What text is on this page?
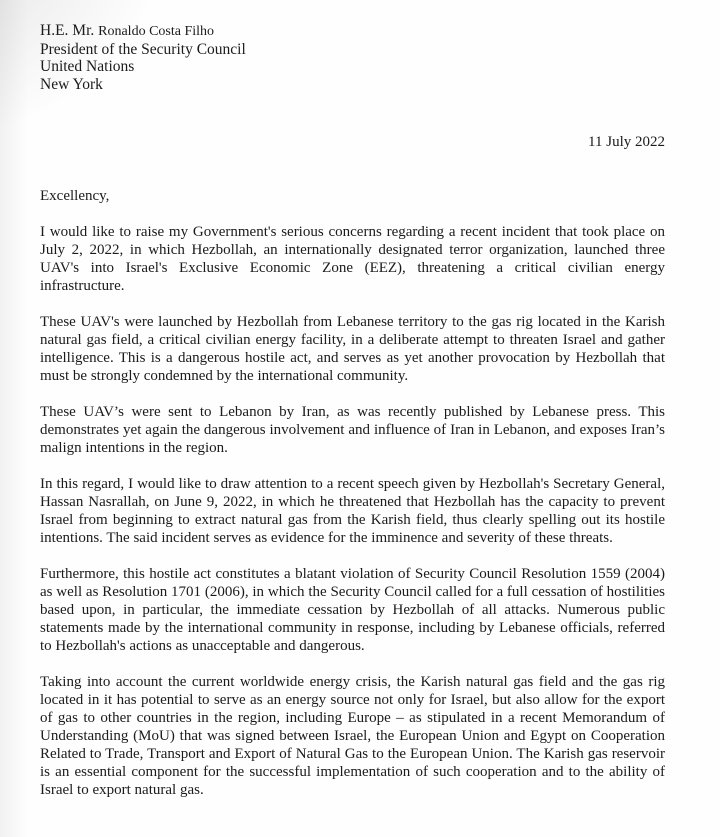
H.E. Mr. Ronaldo Costa Filho
President of the Security Council
United Nations
New York
11 July 2022
Excellency,

I would like to raise my Government's serious concerns regarding a recent incident that took place on July 2, 2022, in which Hezbollah, an internationally designated terror organization, launched three UAV's into Israel's Exclusive Economic Zone (EEZ), threatening a critical civilian energy infrastructure.

These UAV's were launched by Hezbollah from Lebanese territory to the gas rig located in the Karish natural gas field, a critical civilian energy facility, in a deliberate attempt to threaten Israel and gather intelligence. This is a dangerous hostile act, and serves as yet another provocation by Hezbollah that must be strongly condemned by the international community.

These UAV’s were sent to Lebanon by Iran, as was recently published by Lebanese press. This demonstrates yet again the dangerous involvement and influence of Iran in Lebanon, and exposes Iran’s malign intentions in the region.

In this regard, I would like to draw attention to a recent speech given by Hezbollah's Secretary General, Hassan Nasrallah, on June 9, 2022, in which he threatened that Hezbollah has the capacity to prevent Israel from beginning to extract natural gas from the Karish field, thus clearly spelling out its hostile intentions. The said incident serves as evidence for the imminence and severity of these threats.

Furthermore, this hostile act constitutes a blatant violation of Security Council Resolution 1559 (2004) as well as Resolution 1701 (2006), in which the Security Council called for a full cessation of hostilities based upon, in particular, the immediate cessation by Hezbollah of all attacks. Numerous public statements made by the international community in response, including by Lebanese officials, referred to Hezbollah's actions as unacceptable and dangerous.

Taking into account the current worldwide energy crisis, the Karish natural gas field and the gas rig located in it has potential to serve as an energy source not only for Israel, but also allow for the export of gas to other countries in the region, including Europe – as stipulated in a recent Memorandum of Understanding (MoU) that was signed between Israel, the European Union and Egypt on Cooperation Related to Trade, Transport and Export of Natural Gas to the European Union. The Karish gas reservoir is an essential component for the successful implementation of such cooperation and to the ability of Israel to export natural gas.
